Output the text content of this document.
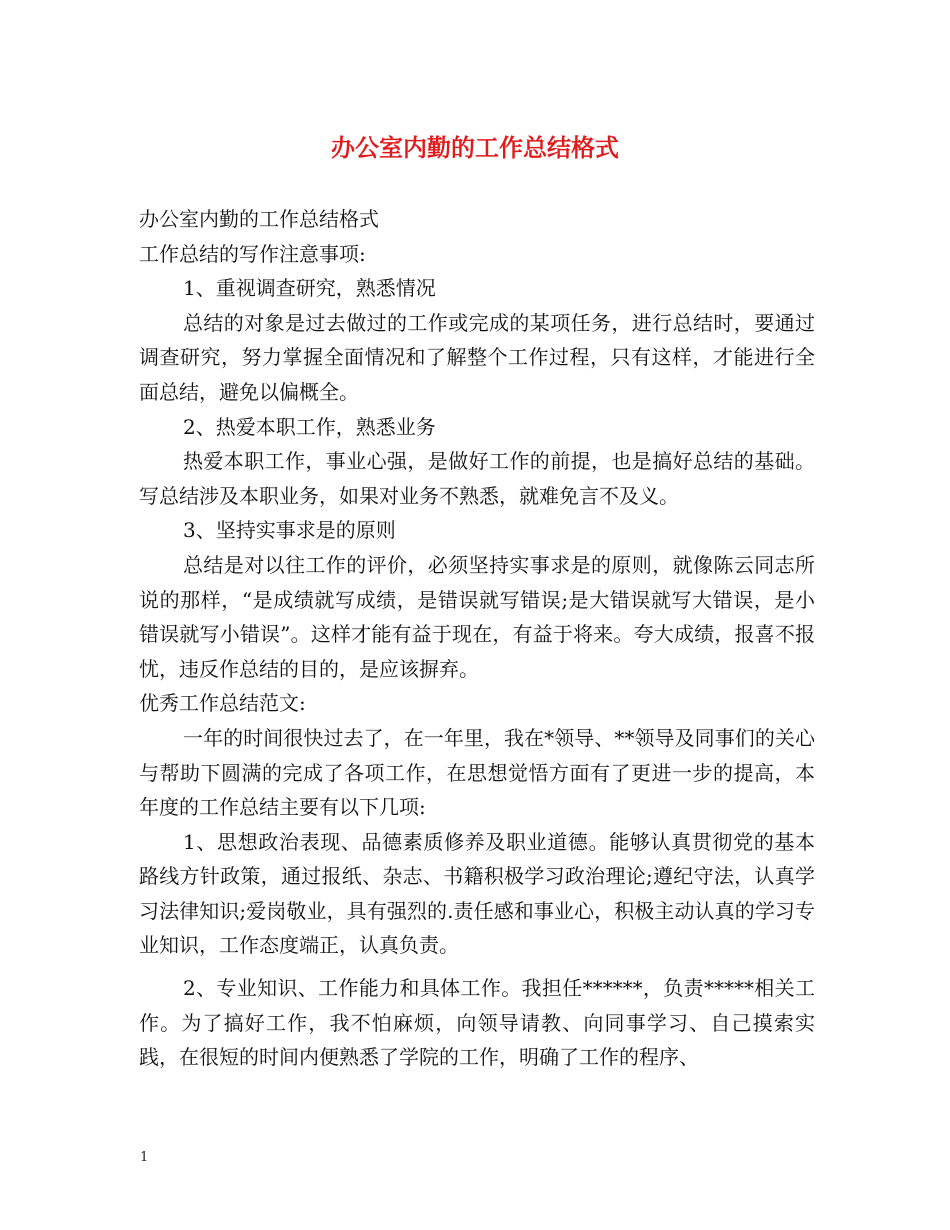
办公室内勤的工作总结格式

办公室内勤的工作总结格式

工作总结的写作注意事项:

1、重视调查研究，熟悉情况

总结的对象是过去做过的工作或完成的某项任务，进行总结时，要通过调查研究，努力掌握全面情况和了解整个工作过程，只有这样，才能进行全面总结，避免以偏概全。

2、热爱本职工作，熟悉业务

热爱本职工作，事业心强，是做好工作的前提，也是搞好总结的基础。写总结涉及本职业务，如果对业务不熟悉，就难免言不及义。

3、坚持实事求是的原则

总结是对以往工作的评价，必须坚持实事求是的原则，就像陈云同志所说的那样，“是成绩就写成绩，是错误就写错误;是大错误就写大错误，是小错误就写小错误”。这样才能有益于现在，有益于将来。夸大成绩，报喜不报忧，违反作总结的目的，是应该摒弃。

优秀工作总结范文:

一年的时间很快过去了，在一年里，我在*领导、**领导及同事们的关心与帮助下圆满的完成了各项工作，在思想觉悟方面有了更进一步的提高，本年度的工作总结主要有以下几项:

1、思想政治表现、品德素质修养及职业道德。能够认真贯彻党的基本路线方针政策，通过报纸、杂志、书籍积极学习政治理论;遵纪守法，认真学习法律知识;爱岗敬业，具有强烈的.责任感和事业心，积极主动认真的学习专业知识，工作态度端正，认真负责。

2、专业知识、工作能力和具体工作。我担任******，负责*****相关工作。为了搞好工作，我不怕麻烦，向领导请教、向同事学习、自己摸索实践，在很短的时间内便熟悉了学院的工作，明确了工作的程序、

1
